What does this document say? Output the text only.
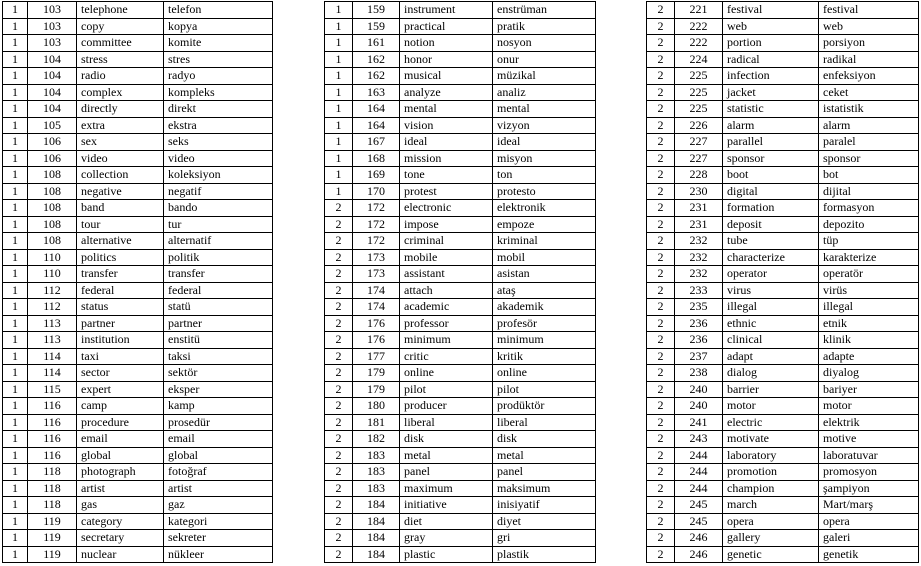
1	103	telephone	telefon
1	103	copy	kopya
1	103	committee	komite
1	104	stress	stres
1	104	radio	radyo
1	104	complex	kompleks
1	104	directly	direkt
1	105	extra	ekstra
1	106	sex	seks
1	106	video	video
1	108	collection	koleksiyon
1	108	negative	negatif
1	108	band	bando
1	108	tour	tur
1	108	alternative	alternatif
1	110	politics	politik
1	110	transfer	transfer
1	112	federal	federal
1	112	status	statü
1	113	partner	partner
1	113	institution	enstitü
1	114	taxi	taksi
1	114	sector	sektör
1	115	expert	eksper
1	116	camp	kamp
1	116	procedure	prosedür
1	116	email	email
1	116	global	global
1	118	photograph	fotoğraf
1	118	artist	artist
1	118	gas	gaz
1	119	category	kategori
1	119	secretary	sekreter
1	119	nuclear	nükleer
1	159	instrument	enstrüman
1	159	practical	pratik
1	161	notion	nosyon
1	162	honor	onur
1	162	musical	müzikal
1	163	analyze	analiz
1	164	mental	mental
1	164	vision	vizyon
1	167	ideal	ideal
1	168	mission	misyon
1	169	tone	ton
1	170	protest	protesto
2	172	electronic	elektronik
2	172	impose	empoze
2	172	criminal	kriminal
2	173	mobile	mobil
2	173	assistant	asistan
2	174	attach	ataş
2	174	academic	akademik
2	176	professor	profesör
2	176	minimum	minimum
2	177	critic	kritik
2	179	online	online
2	179	pilot	pilot
2	180	producer	prodüktör
2	181	liberal	liberal
2	182	disk	disk
2	183	metal	metal
2	183	panel	panel
2	183	maximum	maksimum
2	184	initiative	inisiyatif
2	184	diet	diyet
2	184	gray	gri
2	184	plastic	plastik
2	221	festival	festival
2	222	web	web
2	222	portion	porsiyon
2	224	radical	radikal
2	225	infection	enfeksiyon
2	225	jacket	ceket
2	225	statistic	istatistik
2	226	alarm	alarm
2	227	parallel	paralel
2	227	sponsor	sponsor
2	228	boot	bot
2	230	digital	dijital
2	231	formation	formasyon
2	231	deposit	depozito
2	232	tube	tüp
2	232	characterize	karakterize
2	232	operator	operatör
2	233	virus	virüs
2	235	illegal	illegal
2	236	ethnic	etnik
2	236	clinical	klinik
2	237	adapt	adapte
2	238	dialog	diyalog
2	240	barrier	bariyer
2	240	motor	motor
2	241	electric	elektrik
2	243	motivate	motive
2	244	laboratory	laboratuvar
2	244	promotion	promosyon
2	244	champion	şampiyon
2	245	march	Mart/marş
2	245	opera	opera
2	246	gallery	galeri
2	246	genetic	genetik
